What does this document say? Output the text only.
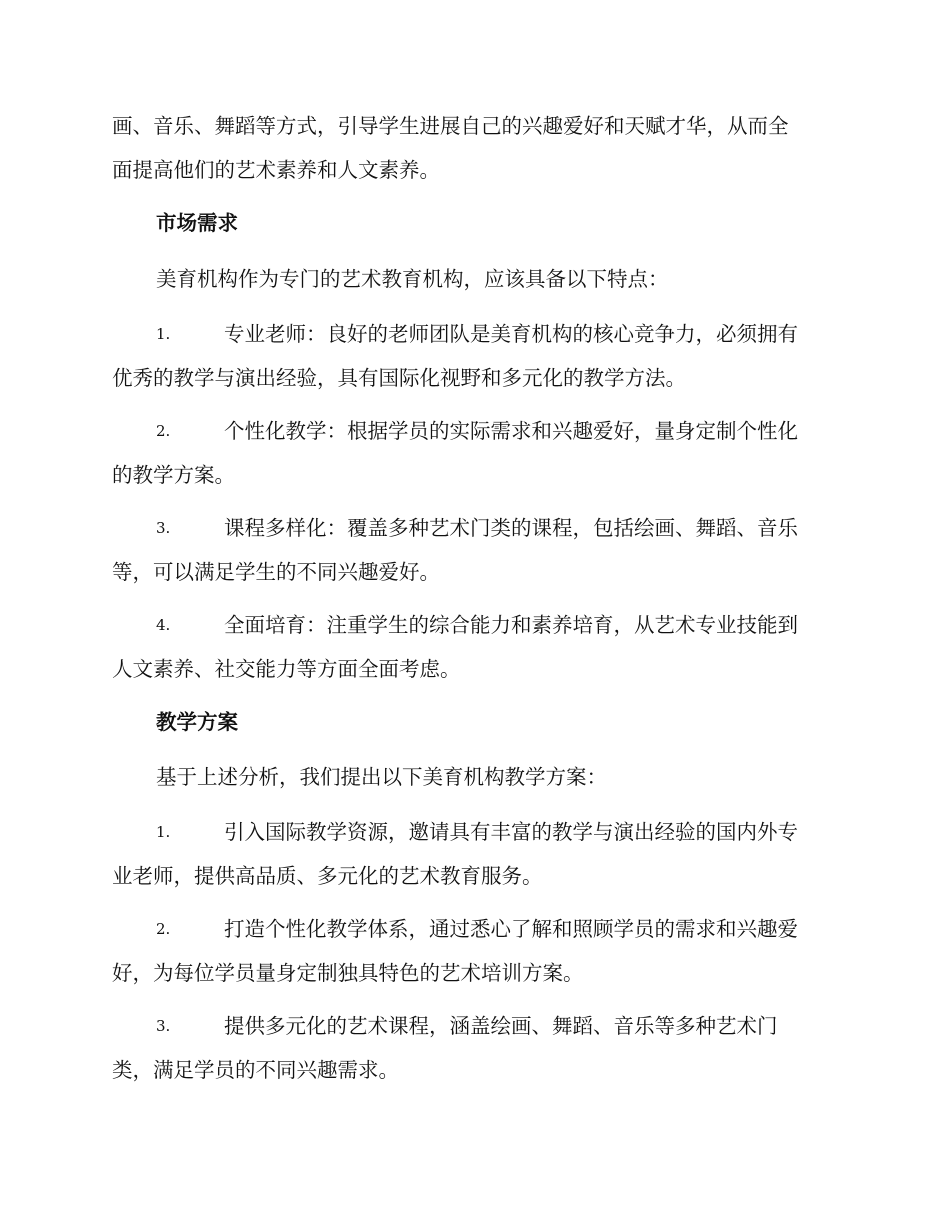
画、音乐、舞蹈等方式，引导学生进展自己的兴趣爱好和天赋才华，从而全
面提高他们的艺术素养和人文素养。
市场需求

美育机构作为专门的艺术教育机构，应该具备以下特点：

1.	专业老师：良好的老师团队是美育机构的核心竞争力，必须拥有
优秀的教学与演出经验，具有国际化视野和多元化的教学方法。
2.	个性化教学：根据学员的实际需求和兴趣爱好，量身定制个性化
的教学方案。
3.	课程多样化：覆盖多种艺术门类的课程，包括绘画、舞蹈、音乐
等，可以满足学生的不同兴趣爱好。
4.	全面培育：注重学生的综合能力和素养培育，从艺术专业技能到
人文素养、社交能力等方面全面考虑。
教学方案

基于上述分析，我们提出以下美育机构教学方案：

1.	引入国际教学资源，邀请具有丰富的教学与演出经验的国内外专
业老师，提供高品质、多元化的艺术教育服务。
2.	打造个性化教学体系，通过悉心了解和照顾学员的需求和兴趣爱
好，为每位学员量身定制独具特色的艺术培训方案。
3.	提供多元化的艺术课程，涵盖绘画、舞蹈、音乐等多种艺术门
类，满足学员的不同兴趣需求。
